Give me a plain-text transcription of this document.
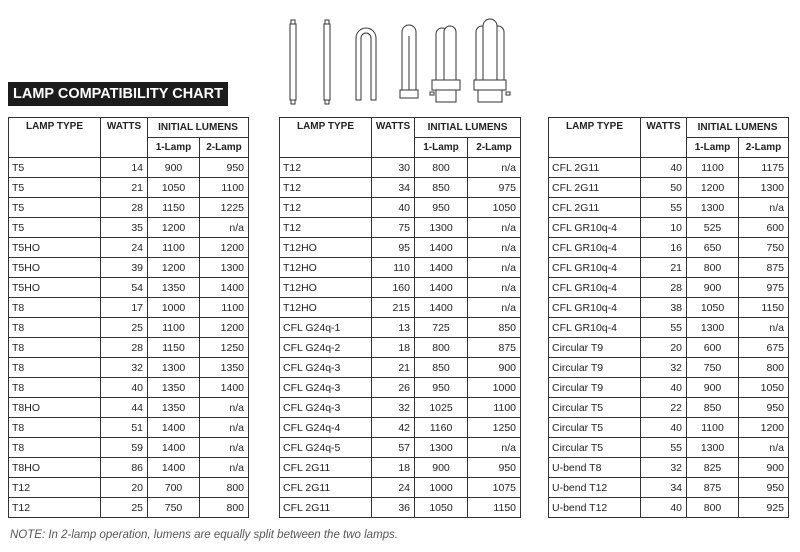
LAMP COMPATIBILITY CHART
LAMP TYPE	WATTS	INITIAL LUMENS	
		1-Lamp	2-Lamp
T5	14	900	950
T5	21	1050	1100
T5	28	1150	1225
T5	35	1200	n/a
T5HO	24	1100	1200
T5HO	39	1200	1300
T5HO	54	1350	1400
T8	17	1000	1100
T8	25	1100	1200
T8	28	1150	1250
T8	32	1300	1350
T8	40	1350	1400
T8HO	44	1350	n/a
T8	51	1400	n/a
T8	59	1400	n/a
T8HO	86	1400	n/a
T12	20	700	800
T12	25	750	800
LAMP TYPE	WATTS	INITIAL LUMENS	
		1-Lamp	2-Lamp
T12	30	800	n/a
T12	34	850	975
T12	40	950	1050
T12	75	1300	n/a
T12HO	95	1400	n/a
T12HO	110	1400	n/a
T12HO	160	1400	n/a
T12HO	215	1400	n/a
CFL G24q-1	13	725	850
CFL G24q-2	18	800	875
CFL G24q-3	21	850	900
CFL G24q-3	26	950	1000
CFL G24q-3	32	1025	1100
CFL G24q-4	42	1160	1250
CFL G24q-5	57	1300	n/a
CFL 2G11	18	900	950
CFL 2G11	24	1000	1075
CFL 2G11	36	1050	1150
LAMP TYPE	WATTS	INITIAL LUMENS	
		1-Lamp	2-Lamp
CFL 2G11	40	1100	1175
CFL 2G11	50	1200	1300
CFL 2G11	55	1300	n/a
CFL GR10q-4	10	525	600
CFL GR10q-4	16	650	750
CFL GR10q-4	21	800	875
CFL GR10q-4	28	900	975
CFL GR10q-4	38	1050	1150
CFL GR10q-4	55	1300	n/a
Circular T9	20	600	675
Circular T9	32	750	800
Circular T9	40	900	1050
Circular T5	22	850	950
Circular T5	40	1100	1200
Circular T5	55	1300	n/a
U-bend T8	32	825	900
U-bend T12	34	875	950
U-bend T12	40	800	925
NOTE: In 2-lamp operation, lumens are equally split between the two lamps.
